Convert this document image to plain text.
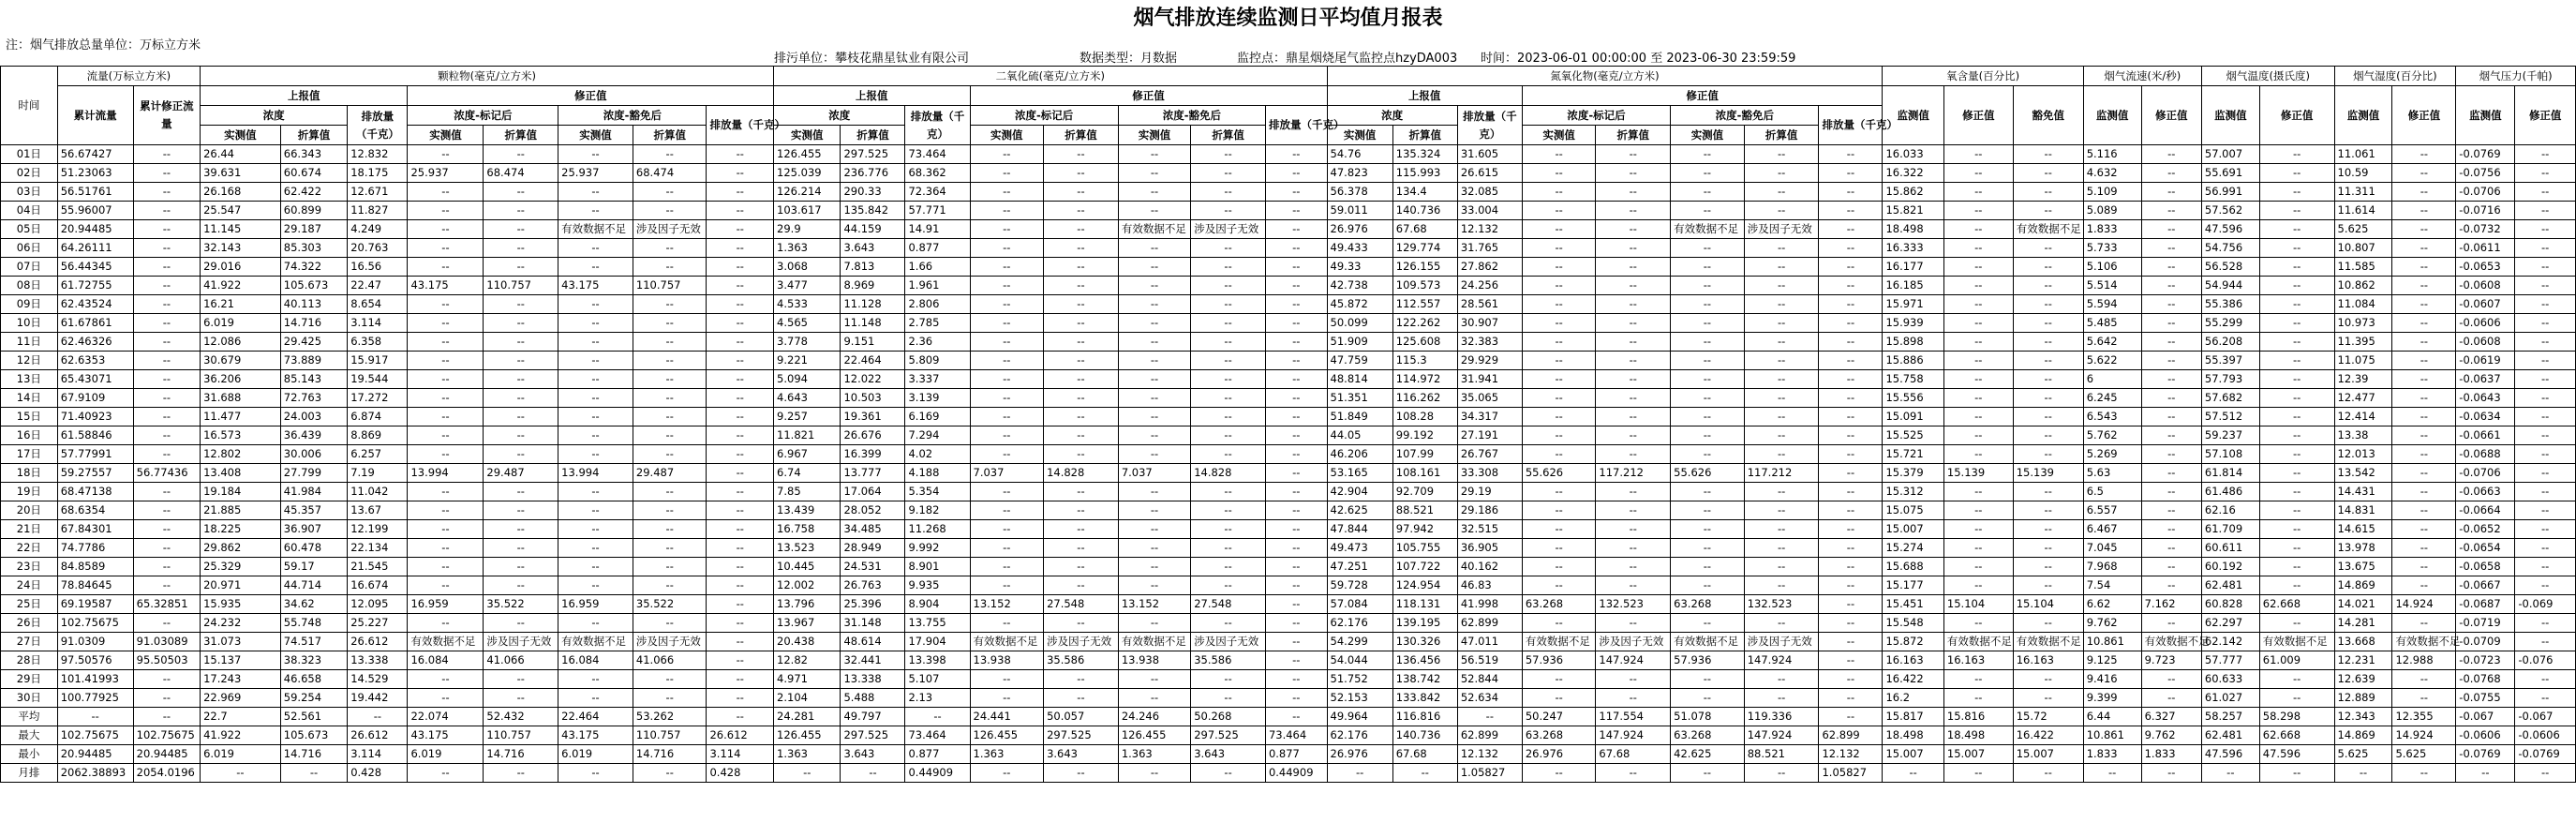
烟气排放连续监测日平均值月报表
注：烟气排放总量单位：万标立方米
排污单位：攀枝花鼎星钛业有限公司	数据类型：月数据	监控点：鼎星烟烧尾气监控点hzyDA003 时间：2023-06-01 00:00:00 至 2023-06-30 23:59:59
时间	流量(万标立方米)		颗粒物(毫克/立方米)								二氧化硫(毫克/立方米)								氮氧化物(毫克/立方米)								氧含量(百分比)			烟气流速(米/秒)		烟气温度(摄氏度)		烟气湿度(百分比)		烟气压力(千帕)	
	累计流量	累计修正流量	上报值			修正值					上报值			修正值					上报值			修正值					监测值	修正值	豁免值	监测值	修正值	监测值	修正值	监测值	修正值	监测值	修正值
			浓度		排放量（千克）	浓度-标记后		浓度-豁免后		排放量（千克）	浓度		排放量（千克）	浓度-标记后		浓度-豁免后		排放量（千克）	浓度		排放量（千克）	浓度-标记后		浓度-豁免后		排放量（千克）											
			实测值	折算值		实测值	折算值	实测值	折算值		实测值	折算值		实测值	折算值	实测值	折算值		实测值	折算值		实测值	折算值	实测值	折算值												
01日	56.67427	--	26.44	66.343	12.832	--	--	--	--	--	126.455	297.525	73.464	--	--	--	--	--	54.76	135.324	31.605	--	--	--	--	--	16.033	--	--	5.116	--	57.007	--	11.061	--	-0.0769	--
02日	51.23063	--	39.631	60.674	18.175	25.937	68.474	25.937	68.474	--	125.039	236.776	68.362	--	--	--	--	--	47.823	115.993	26.615	--	--	--	--	--	16.322	--	--	4.632	--	55.691	--	10.59	--	-0.0756	--
03日	56.51761	--	26.168	62.422	12.671	--	--	--	--	--	126.214	290.33	72.364	--	--	--	--	--	56.378	134.4	32.085	--	--	--	--	--	15.862	--	--	5.109	--	56.991	--	11.311	--	-0.0706	--
04日	55.96007	--	25.547	60.899	11.827	--	--	--	--	--	103.617	135.842	57.771	--	--	--	--	--	59.011	140.736	33.004	--	--	--	--	--	15.821	--	--	5.089	--	57.562	--	11.614	--	-0.0716	--
05日	20.94485	--	11.145	29.187	4.249	--	--	有效数据不足	涉及因子无效	--	29.9	44.159	14.91	--	--	有效数据不足	涉及因子无效	--	26.976	67.68	12.132	--	--	有效数据不足	涉及因子无效	--	18.498	--	有效数据不足	1.833	--	47.596	--	5.625	--	-0.0732	--
06日	64.26111	--	32.143	85.303	20.763	--	--	--	--	--	1.363	3.643	0.877	--	--	--	--	--	49.433	129.774	31.765	--	--	--	--	--	16.333	--	--	5.733	--	54.756	--	10.807	--	-0.0611	--
07日	56.44345	--	29.016	74.322	16.56	--	--	--	--	--	3.068	7.813	1.66	--	--	--	--	--	49.33	126.155	27.862	--	--	--	--	--	16.177	--	--	5.106	--	56.528	--	11.585	--	-0.0653	--
08日	61.72755	--	41.922	105.673	22.47	43.175	110.757	43.175	110.757	--	3.477	8.969	1.961	--	--	--	--	--	42.738	109.573	24.256	--	--	--	--	--	16.185	--	--	5.514	--	54.944	--	10.862	--	-0.0608	--
09日	62.43524	--	16.21	40.113	8.654	--	--	--	--	--	4.533	11.128	2.806	--	--	--	--	--	45.872	112.557	28.561	--	--	--	--	--	15.971	--	--	5.594	--	55.386	--	11.084	--	-0.0607	--
10日	61.67861	--	6.019	14.716	3.114	--	--	--	--	--	4.565	11.148	2.785	--	--	--	--	--	50.099	122.262	30.907	--	--	--	--	--	15.939	--	--	5.485	--	55.299	--	10.973	--	-0.0606	--
11日	62.46326	--	12.086	29.425	6.358	--	--	--	--	--	3.778	9.151	2.36	--	--	--	--	--	51.909	125.608	32.383	--	--	--	--	--	15.898	--	--	5.642	--	56.208	--	11.395	--	-0.0608	--
12日	62.6353	--	30.679	73.889	15.917	--	--	--	--	--	9.221	22.464	5.809	--	--	--	--	--	47.759	115.3	29.929	--	--	--	--	--	15.886	--	--	5.622	--	55.397	--	11.075	--	-0.0619	--
13日	65.43071	--	36.206	85.143	19.544	--	--	--	--	--	5.094	12.022	3.337	--	--	--	--	--	48.814	114.972	31.941	--	--	--	--	--	15.758	--	--	6	--	57.793	--	12.39	--	-0.0637	--
14日	67.9109	--	31.688	72.763	17.272	--	--	--	--	--	4.643	10.503	3.139	--	--	--	--	--	51.351	116.262	35.065	--	--	--	--	--	15.556	--	--	6.245	--	57.682	--	12.477	--	-0.0643	--
15日	71.40923	--	11.477	24.003	6.874	--	--	--	--	--	9.257	19.361	6.169	--	--	--	--	--	51.849	108.28	34.317	--	--	--	--	--	15.091	--	--	6.543	--	57.512	--	12.414	--	-0.0634	--
16日	61.58846	--	16.573	36.439	8.869	--	--	--	--	--	11.821	26.676	7.294	--	--	--	--	--	44.05	99.192	27.191	--	--	--	--	--	15.525	--	--	5.762	--	59.237	--	13.38	--	-0.0661	--
17日	57.77991	--	12.802	30.006	6.257	--	--	--	--	--	6.967	16.399	4.02	--	--	--	--	--	46.206	107.99	26.767	--	--	--	--	--	15.721	--	--	5.269	--	57.108	--	12.013	--	-0.0688	--
18日	59.27557	56.77436	13.408	27.799	7.19	13.994	29.487	13.994	29.487	--	6.74	13.777	4.188	7.037	14.828	7.037	14.828	--	53.165	108.161	33.308	55.626	117.212	55.626	117.212	--	15.379	15.139	15.139	5.63	--	61.814	--	13.542	--	-0.0706	--
19日	68.47138	--	19.184	41.984	11.042	--	--	--	--	--	7.85	17.064	5.354	--	--	--	--	--	42.904	92.709	29.19	--	--	--	--	--	15.312	--	--	6.5	--	61.486	--	14.431	--	-0.0663	--
20日	68.6354	--	21.885	45.357	13.67	--	--	--	--	--	13.439	28.052	9.182	--	--	--	--	--	42.625	88.521	29.186	--	--	--	--	--	15.075	--	--	6.557	--	62.16	--	14.831	--	-0.0664	--
21日	67.84301	--	18.225	36.907	12.199	--	--	--	--	--	16.758	34.485	11.268	--	--	--	--	--	47.844	97.942	32.515	--	--	--	--	--	15.007	--	--	6.467	--	61.709	--	14.615	--	-0.0652	--
22日	74.7786	--	29.862	60.478	22.134	--	--	--	--	--	13.523	28.949	9.992	--	--	--	--	--	49.473	105.755	36.905	--	--	--	--	--	15.274	--	--	7.045	--	60.611	--	13.978	--	-0.0654	--
23日	84.8589	--	25.329	59.17	21.545	--	--	--	--	--	10.445	24.531	8.901	--	--	--	--	--	47.251	107.722	40.162	--	--	--	--	--	15.688	--	--	7.968	--	60.192	--	13.675	--	-0.0658	--
24日	78.84645	--	20.971	44.714	16.674	--	--	--	--	--	12.002	26.763	9.935	--	--	--	--	--	59.728	124.954	46.83	--	--	--	--	--	15.177	--	--	7.54	--	62.481	--	14.869	--	-0.0667	--
25日	69.19587	65.32851	15.935	34.62	12.095	16.959	35.522	16.959	35.522	--	13.796	25.396	8.904	13.152	27.548	13.152	27.548	--	57.084	118.131	41.998	63.268	132.523	63.268	132.523	--	15.451	15.104	15.104	6.62	7.162	60.828	62.668	14.021	14.924	-0.0687	-0.069
26日	102.75675	--	24.232	55.748	25.227	--	--	--	--	--	13.967	31.148	13.755	--	--	--	--	--	62.176	139.195	62.899	--	--	--	--	--	15.548	--	--	9.762	--	62.297	--	14.281	--	-0.0719	--
27日	91.0309	91.03089	31.073	74.517	26.612	有效数据不足	涉及因子无效	有效数据不足	涉及因子无效	--	20.438	48.614	17.904	有效数据不足	涉及因子无效	有效数据不足	涉及因子无效	--	54.299	130.326	47.011	有效数据不足	涉及因子无效	有效数据不足	涉及因子无效	--	15.872	有效数据不足	有效数据不足	10.861	有效数据不足	62.142	有效数据不足	13.668	有效数据不足	-0.0709	--
28日	97.50576	95.50503	15.137	38.323	13.338	16.084	41.066	16.084	41.066	--	12.82	32.441	13.398	13.938	35.586	13.938	35.586	--	54.044	136.456	56.519	57.936	147.924	57.936	147.924	--	16.163	16.163	16.163	9.125	9.723	57.777	61.009	12.231	12.988	-0.0723	-0.076
29日	101.41993	--	17.243	46.658	14.529	--	--	--	--	--	4.971	13.338	5.107	--	--	--	--	--	51.752	138.742	52.844	--	--	--	--	--	16.422	--	--	9.416	--	60.633	--	12.639	--	-0.0768	--
30日	100.77925	--	22.969	59.254	19.442	--	--	--	--	--	2.104	5.488	2.13	--	--	--	--	--	52.153	133.842	52.634	--	--	--	--	--	16.2	--	--	9.399	--	61.027	--	12.889	--	-0.0755	--
平均	--	--	22.7	52.561	--	22.074	52.432	22.464	53.262	--	24.281	49.797	--	24.441	50.057	24.246	50.268	--	49.964	116.816	--	50.247	117.554	51.078	119.336	--	15.817	15.816	15.72	6.44	6.327	58.257	58.298	12.343	12.355	-0.067	-0.067
最大	102.75675	102.75675	41.922	105.673	26.612	43.175	110.757	43.175	110.757	26.612	126.455	297.525	73.464	126.455	297.525	126.455	297.525	73.464	62.176	140.736	62.899	63.268	147.924	63.268	147.924	62.899	18.498	18.498	16.422	10.861	9.762	62.481	62.668	14.869	14.924	-0.0606	-0.0606
最小	20.94485	20.94485	6.019	14.716	3.114	6.019	14.716	6.019	14.716	3.114	1.363	3.643	0.877	1.363	3.643	1.363	3.643	0.877	26.976	67.68	12.132	26.976	67.68	42.625	88.521	12.132	15.007	15.007	15.007	1.833	1.833	47.596	47.596	5.625	5.625	-0.0769	-0.0769
月排	2062.38893	2054.0196	--	--	0.428	--	--	--	--	0.428	--	--	0.44909	--	--	--	--	0.44909	--	--	1.05827	--	--	--	--	1.05827	--	--	--	--	--	--	--	--	--	--	--
